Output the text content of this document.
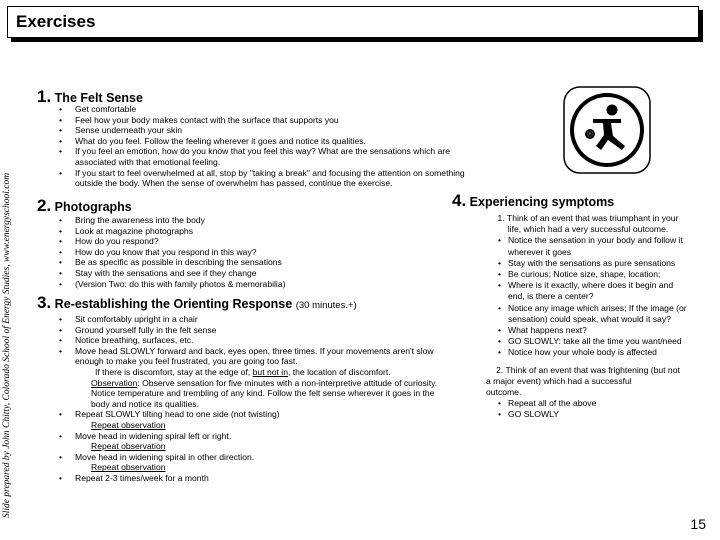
Exercises
Slide prepared by John Chitty, Colorado School of Energy Studies, www.energyschool.com
ⓢ
1. The Felt Sense
• Get comfortable
• Feel how your body makes contact with the surface that supports you
• Sense underneath your skin
• What do you feel. Follow the feeling wherever it goes and notice its qualities.
• If you feel an emotion, how do you know that you feel this way? What are the sensations which are associated with that emotional feeling.
• If you start to feel overwhelmed at all, stop by "taking a break" and focusing the attention on something outside the body. When the sense of overwhelm has passed, continue the exercise.
2. Photographs
• Bring the awareness into the body
• Look at magazine photographs
• How do you respond?
• How do you know that you respond in this way?
• Be as specific as possible in describing the sensations
• Stay with the sensations and see if they change
• (Version Two: do this with family photos & memorabilia)
3. Re-establishing the Orienting Response (30 minutes.+)
• Sit comfortably upright in a chair
• Ground yourself fully in the felt sense
• Notice breathing, surfaces, etc.
• Move head SLOWLY forward and back, eyes open, three times. If your movements aren't slow enough to make you feel frustrated, you are going too fast.
If there is discomfort, stay at the edge of, but not in, the location of discomfort.
Observation: Observe sensation for five minutes with a non-interpretive attitude of curiosity. Notice temperature and trembling of any kind. Follow the felt sense wherever it goes in the body and notice its qualities.
• Repeat SLOWLY tilting head to one side (not twisting)
Repeat observation
• Move head in widening spiral left or right.
Repeat observation
• Move head in widening spiral in other direction.
Repeat observation
• Repeat 2-3 times/week for a month
4. Experiencing symptoms
1. Think of an event that was triumphant in your
life, which had a very successful outcome.
• Notice the sensation in your body and follow it wherever it goes
• Stay with the sensations as pure sensations
• Be curious; Notice size, shape, location;
• Where is it exactly, where does it begin and end, is there a center?
• Notice any image which arises; If the image (or sensation) could speak, what would it say?
• What happens next?
• GO SLOWLY: take all the time you want/need
• Notice how your whole body is affected
2. Think of an event that was frightening (but not
a major event) which had a successful
outcome.
• Repeat all of the above
• GO SLOWLY
15
